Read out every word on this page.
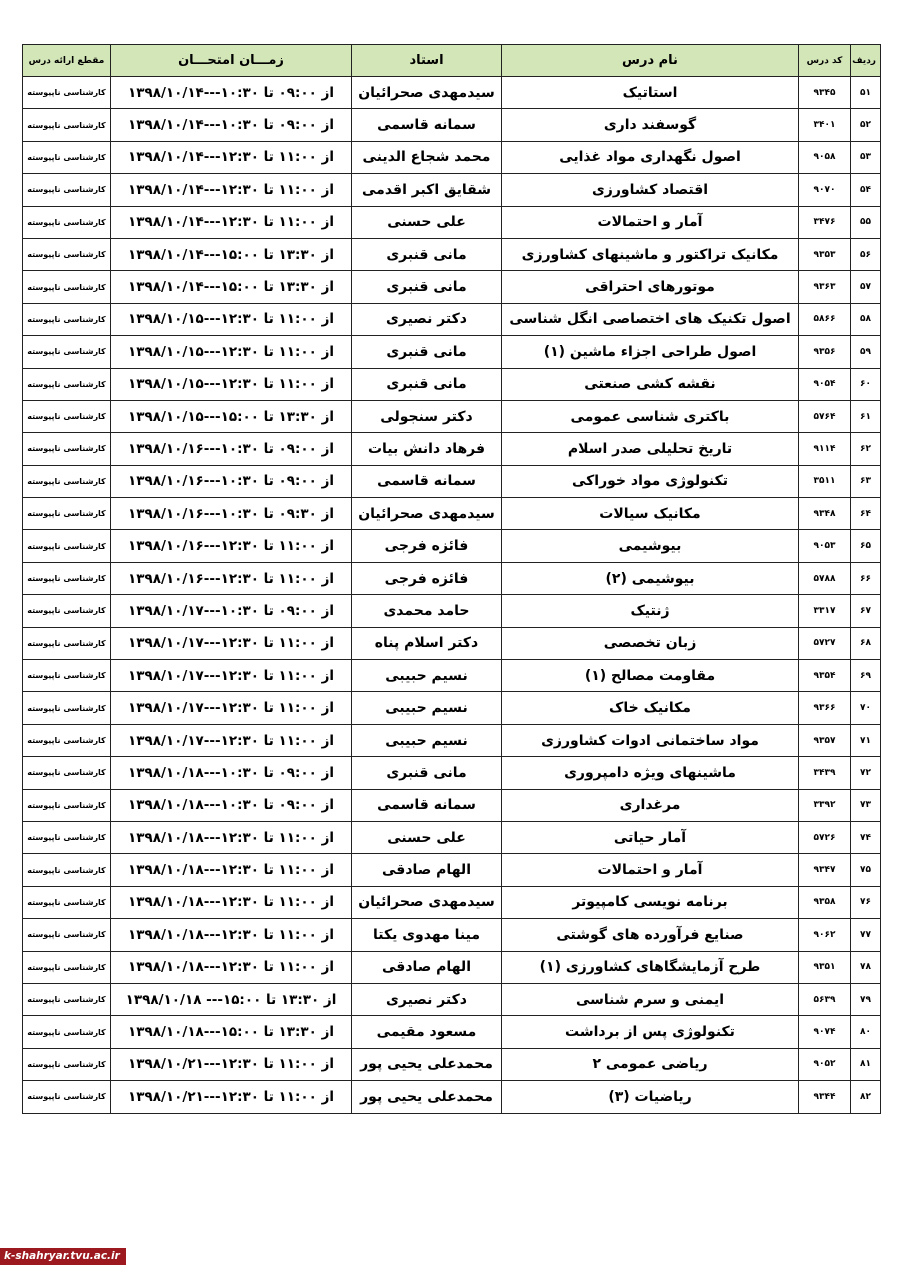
ردیف	کد درس	نام درس	استاد	زمـــان امتحـــان	مقطع ارائه درس
۵۱	۹۳۴۵	استاتیک	سیدمهدی صحرائیان	از ۰۹:۰۰ تا ۱۰:۳۰---۱۳۹۸/۱۰/۱۴	کارشناسی ناپیوسته
۵۲	۳۴۰۱	گوسفند داری	سمانه قاسمی	از ۰۹:۰۰ تا ۱۰:۳۰---۱۳۹۸/۱۰/۱۴	کارشناسی ناپیوسته
۵۳	۹۰۵۸	اصول نگهداری مواد غذایی	محمد شجاع الدینی	از ۱۱:۰۰ تا ۱۲:۳۰---۱۳۹۸/۱۰/۱۴	کارشناسی ناپیوسته
۵۴	۹۰۷۰	اقتصاد کشاورزی	شقایق اکبر اقدمی	از ۱۱:۰۰ تا ۱۲:۳۰---۱۳۹۸/۱۰/۱۴	کارشناسی ناپیوسته
۵۵	۳۴۷۶	آمار و احتمالات	علی حسنی	از ۱۱:۰۰ تا ۱۲:۳۰---۱۳۹۸/۱۰/۱۴	کارشناسی ناپیوسته
۵۶	۹۳۵۳	مکانیک تراکتور و ماشینهای کشاورزی	مانی قنبری	از ۱۳:۳۰ تا ۱۵:۰۰---۱۳۹۸/۱۰/۱۴	کارشناسی ناپیوسته
۵۷	۹۳۶۳	موتورهای احتراقی	مانی قنبری	از ۱۳:۳۰ تا ۱۵:۰۰---۱۳۹۸/۱۰/۱۴	کارشناسی ناپیوسته
۵۸	۵۸۶۶	اصول تکنیک های اختصاصی انگل شناسی	دکتر نصیری	از ۱۱:۰۰ تا ۱۲:۳۰---۱۳۹۸/۱۰/۱۵	کارشناسی ناپیوسته
۵۹	۹۳۵۶	اصول طراحی اجزاء ماشین (۱)	مانی قنبری	از ۱۱:۰۰ تا ۱۲:۳۰---۱۳۹۸/۱۰/۱۵	کارشناسی ناپیوسته
۶۰	۹۰۵۴	نقشه کشی صنعتی	مانی قنبری	از ۱۱:۰۰ تا ۱۲:۳۰---۱۳۹۸/۱۰/۱۵	کارشناسی ناپیوسته
۶۱	۵۷۶۴	باکتری شناسی عمومی	دکتر سنجولی	از ۱۳:۳۰ تا ۱۵:۰۰---۱۳۹۸/۱۰/۱۵	کارشناسی ناپیوسته
۶۲	۹۱۱۴	تاریخ تحلیلی صدر اسلام	فرهاد دانش بیات	از ۰۹:۰۰ تا ۱۰:۳۰---۱۳۹۸/۱۰/۱۶	کارشناسی ناپیوسته
۶۳	۳۵۱۱	تکنولوژی مواد خوراکی	سمانه قاسمی	از ۰۹:۰۰ تا ۱۰:۳۰---۱۳۹۸/۱۰/۱۶	کارشناسی ناپیوسته
۶۴	۹۳۴۸	مکانیک سیالات	سیدمهدی صحرائیان	از ۰۹:۳۰ تا ۱۰:۳۰---۱۳۹۸/۱۰/۱۶	کارشناسی ناپیوسته
۶۵	۹۰۵۳	بیوشیمی	فائزه فرجی	از ۱۱:۰۰ تا ۱۲:۳۰---۱۳۹۸/۱۰/۱۶	کارشناسی ناپیوسته
۶۶	۵۷۸۸	بیوشیمی (۲)	فائزه فرجی	از ۱۱:۰۰ تا ۱۲:۳۰---۱۳۹۸/۱۰/۱۶	کارشناسی ناپیوسته
۶۷	۳۳۱۷	ژنتیک	حامد محمدی	از ۰۹:۰۰ تا ۱۰:۳۰---۱۳۹۸/۱۰/۱۷	کارشناسی ناپیوسته
۶۸	۵۷۲۷	زبان تخصصی	دکتر اسلام پناه	از ۱۱:۰۰ تا ۱۲:۳۰---۱۳۹۸/۱۰/۱۷	کارشناسی ناپیوسته
۶۹	۹۳۵۴	مقاومت مصالح (۱)	نسیم حبیبی	از ۱۱:۰۰ تا ۱۲:۳۰---۱۳۹۸/۱۰/۱۷	کارشناسی ناپیوسته
۷۰	۹۳۶۶	مکانیک خاک	نسیم حبیبی	از ۱۱:۰۰ تا ۱۲:۳۰---۱۳۹۸/۱۰/۱۷	کارشناسی ناپیوسته
۷۱	۹۳۵۷	مواد ساختمانی ادوات کشاورزی	نسیم حبیبی	از ۱۱:۰۰ تا ۱۲:۳۰---۱۳۹۸/۱۰/۱۷	کارشناسی ناپیوسته
۷۲	۳۴۳۹	ماشینهای ویژه دامپروری	مانی قنبری	از ۰۹:۰۰ تا ۱۰:۳۰---۱۳۹۸/۱۰/۱۸	کارشناسی ناپیوسته
۷۳	۳۳۹۲	مرغداری	سمانه قاسمی	از ۰۹:۰۰ تا ۱۰:۳۰---۱۳۹۸/۱۰/۱۸	کارشناسی ناپیوسته
۷۴	۵۷۲۶	آمار حیاتی	علی حسنی	از ۱۱:۰۰ تا ۱۲:۳۰---۱۳۹۸/۱۰/۱۸	کارشناسی ناپیوسته
۷۵	۹۳۴۷	آمار و احتمالات	الهام صادقی	از ۱۱:۰۰ تا ۱۲:۳۰---۱۳۹۸/۱۰/۱۸	کارشناسی ناپیوسته
۷۶	۹۳۵۸	برنامه نویسی کامپیوتر	سیدمهدی صحرائیان	از ۱۱:۰۰ تا ۱۲:۳۰---۱۳۹۸/۱۰/۱۸	کارشناسی ناپیوسته
۷۷	۹۰۶۲	صنایع فرآورده های گوشتی	مینا مهدوی یکتا	از ۱۱:۰۰ تا ۱۲:۳۰---۱۳۹۸/۱۰/۱۸	کارشناسی ناپیوسته
۷۸	۹۳۵۱	طرح آزمایشگاهای کشاورزی (۱)	الهام صادقی	از ۱۱:۰۰ تا ۱۲:۳۰---۱۳۹۸/۱۰/۱۸	کارشناسی ناپیوسته
۷۹	۵۶۳۹	ایمنی و سرم شناسی	دکتر نصیری	از ۱۳:۳۰ تا ۱۵:۰۰--- ۱۳۹۸/۱۰/۱۸	کارشناسی ناپیوسته
۸۰	۹۰۷۴	تکنولوژی پس از برداشت	مسعود مقیمی	از ۱۳:۳۰ تا ۱۵:۰۰---۱۳۹۸/۱۰/۱۸	کارشناسی ناپیوسته
۸۱	۹۰۵۲	ریاضی عمومی ۲	محمدعلی یحیی پور	از ۱۱:۰۰ تا ۱۲:۳۰---۱۳۹۸/۱۰/۲۱	کارشناسی ناپیوسته
۸۲	۹۳۴۴	ریاضیات (۳)	محمدعلی یحیی پور	از ۱۱:۰۰ تا ۱۲:۳۰---۱۳۹۸/۱۰/۲۱	کارشناسی ناپیوسته
k-shahryar.tvu.ac.ir
